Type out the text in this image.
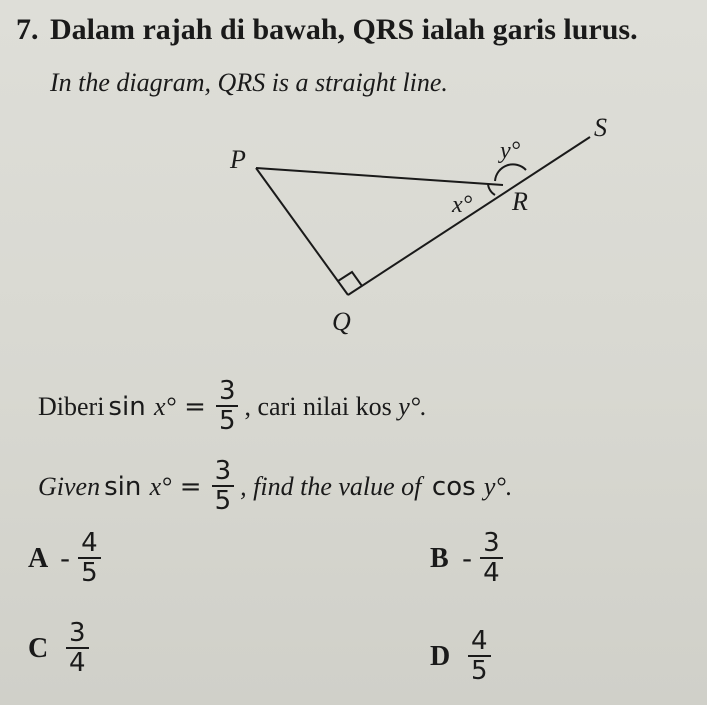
7. Dalam rajah di bawah, QRS ialah garis lurus.
In the diagram, QRS is a straight line.
P
Q
R
S
x°
y°
Diberi $\sin x^\circ = \frac{3}{5}$ , cari nilai kos
y°.
Given $\sin x^\circ = \frac{3}{5}$ , find the value of
cos y°.
A - $\frac{4}{5}$	B - $\frac{3}{4}$
C $\frac{3}{4}$	D $\frac{4}{5}$
